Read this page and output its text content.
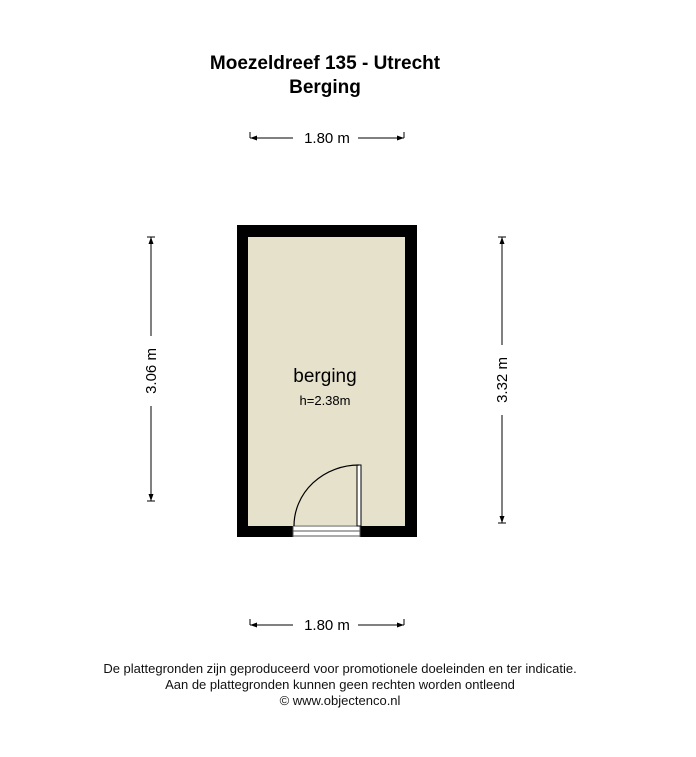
Moezeldreef 135 - Utrecht
Berging
1.80 m
3.06 m	3.32 m
berging
h=2.38m
1.80 m
De plattegronden zijn geproduceerd voor promotionele doeleinden en ter indicatie.
Aan de plattegronden kunnen geen rechten worden ontleend
© www.objectenco.nl
